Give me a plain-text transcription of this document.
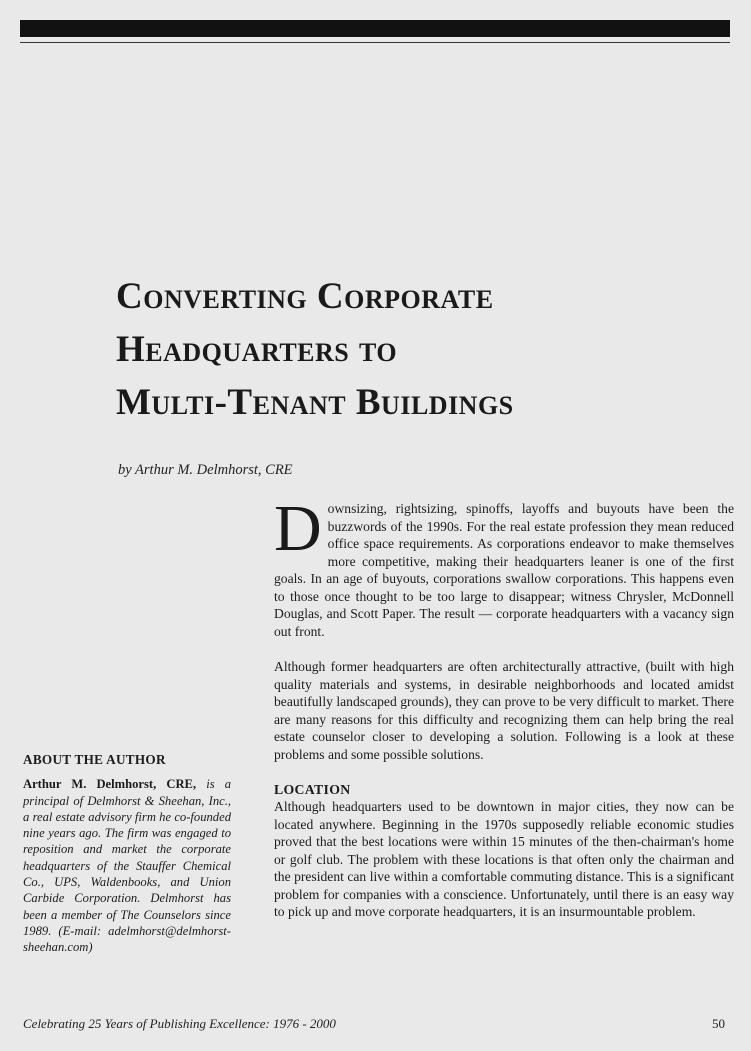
Converting Corporate
Headquarters to
Multi-Tenant Buildings
by Arthur M. Delmhorst, CRE

Downsizing, rightsizing, spinoffs, layoffs and buyouts have been the buzzwords of the 1990s. For the real estate profession they mean reduced office space requirements. As corporations endeavor to make themselves more competitive, making their headquarters leaner is one of the first goals. In an age of buyouts, corporations swallow corporations. This happens even to those once thought to be too large to disappear; witness Chrysler, McDonnell Douglas, and Scott Paper. The result — corporate headquarters with a vacancy sign out front.

Although former headquarters are often architecturally attractive, (built with high quality materials and systems, in desirable neighborhoods and located amidst beautifully landscaped grounds), they can prove to be very difficult to market. There are many reasons for this difficulty and recognizing them can help bring the real estate counselor closer to developing a solution. Following is a look at these problems and some possible solutions.

LOCATION

Although headquarters used to be downtown in major cities, they now can be located anywhere. Beginning in the 1970s supposedly reliable economic studies proved that the best locations were within 15 minutes of the then-chairman's home or golf club. The problem with these locations is that often only the chairman and the president can live within a comfortable commuting distance. This is a significant problem for companies with a conscience. Unfortunately, until there is an easy way to pick up and move corporate headquarters, it is an insurmountable problem.

ABOUT THE AUTHOR
Arthur M. Delmhorst, CRE, is a principal of Delmhorst & Sheehan, Inc., a real estate advisory firm he co-founded nine years ago. The firm was engaged to reposition and market the corporate headquarters of the Stauffer Chemical Co., UPS, Waldenbooks, and Union Carbide Corporation. Delmhorst has been a member of The Counselors since 1989. (E-mail: adelmhorst@delmhorst-sheehan.com)
Celebrating 25 Years of Publishing Excellence: 1976 - 2000	50
